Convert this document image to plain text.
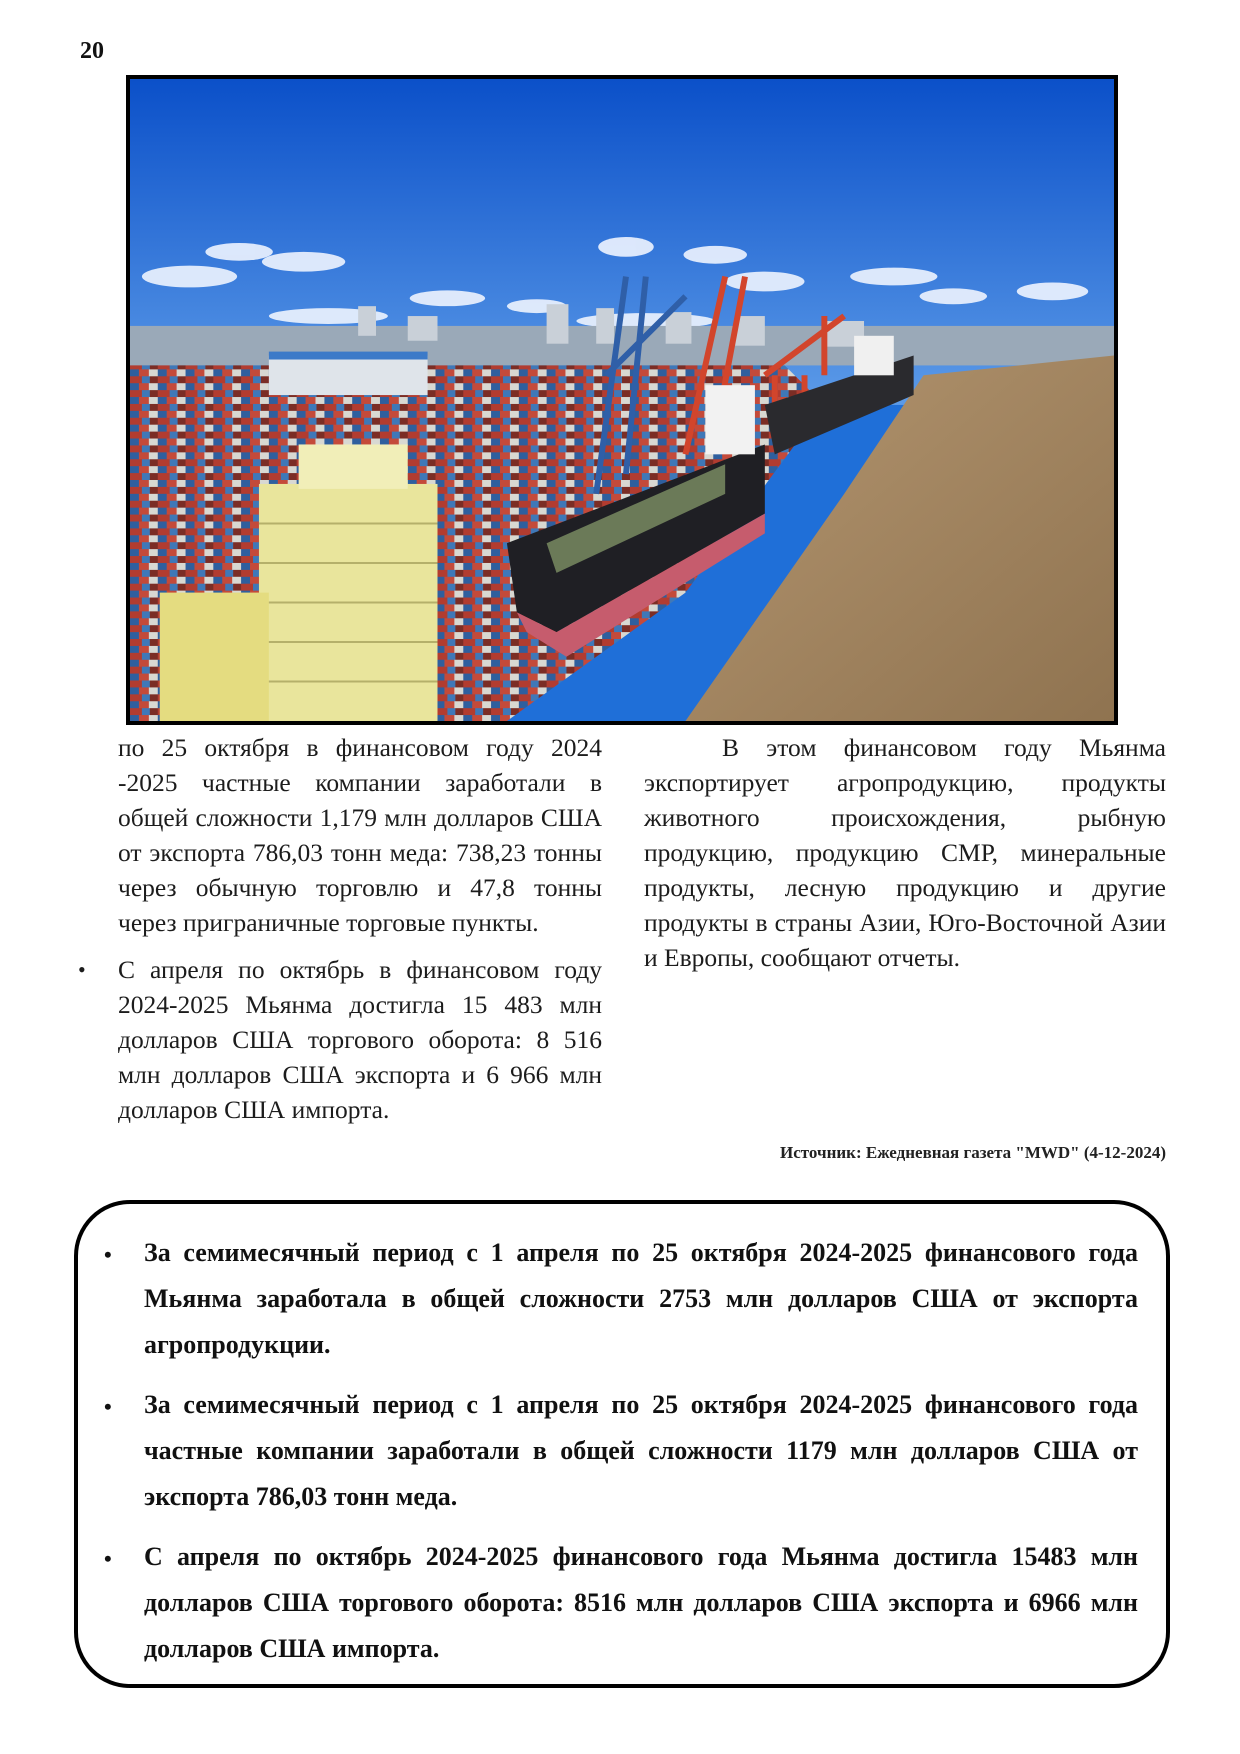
20

по 25 октября в финансовом году 2024 -2025 частные компании заработали в общей сложности 1,179 млн долларов США от экспорта 786,03 тонн меда: 738,23 тонны через обычную торговлю и 47,8 тонны через приграничные торговые пункты.

• С апреля по октябрь в финансовом году 2024-2025 Мьянма достигла 15 483 млн долларов США торгового оборота: 8 516 млн долларов США экспорта и 6 966 млн долларов США импорта.

В этом финансовом году Мьянма экспортирует агропродукцию, продукты животного происхождения, рыбную продукцию, продукцию СМР, минеральные продукты, лесную продукцию и другие продукты в страны Азии, Юго-Восточной Азии и Европы, сообщают отчеты.

Источник: Ежедневная газета "MWD" (4-12-2024)

• За семимесячный период с 1 апреля по 25 октября 2024-2025 финансового года Мьянма заработала в общей сложности 2753 млн долларов США от экспорта агропродукции.

• За семимесячный период с 1 апреля по 25 октября 2024-2025 финансового года частные компании заработали в общей сложности 1179 млн долларов США от экспорта 786,03 тонн меда.

• С апреля по октябрь 2024-2025 финансового года Мьянма достигла 15483 млн долларов США торгового оборота: 8516 млн долларов США экспорта и 6966 млн долларов США импорта.
